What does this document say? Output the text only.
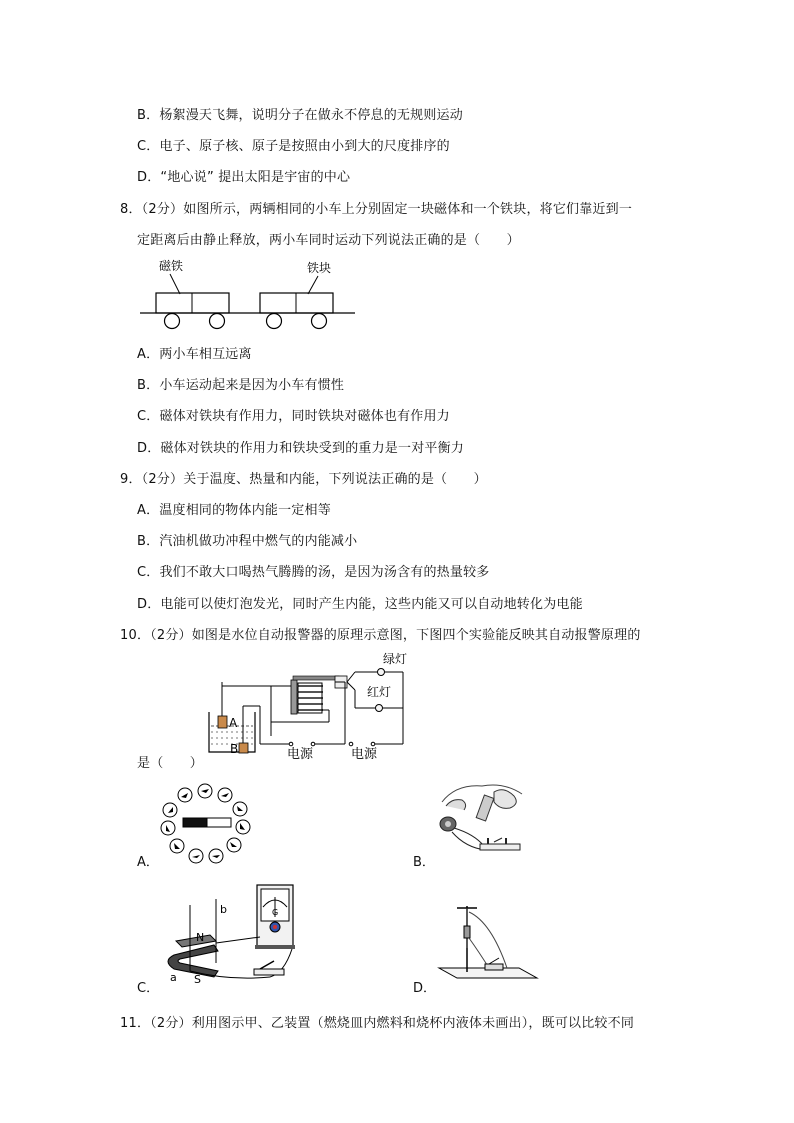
B．杨絮漫天飞舞，说明分子在做永不停息的无规则运动
C．电子、原子核、原子是按照由小到大的尺度排序的
D．“地心说” 提出太阳是宇宙的中心
8．（2分）如图所示，两辆相同的小车上分别固定一块磁体和一个铁块，将它们靠近到一
定距离后由静止释放，两小车同时运动下列说法正确的是（　　）
磁铁	铁块
A．两小车相互远离
B．小车运动起来是因为小车有惯性
C．磁体对铁块有作用力，同时铁块对磁体也有作用力
D．磁体对铁块的作用力和铁块受到的重力是一对平衡力
9．（2分）关于温度、热量和内能，下列说法正确的是（　　）
A．温度相同的物体内能一定相等
B．汽油机做功冲程中燃气的内能减小
C．我们不敢大口喝热气腾腾的汤，是因为汤含有的热量较多
D．电能可以使灯泡发光，同时产生内能，这些内能又可以自动地转化为电能
10．（2分）如图是水位自动报警器的原理示意图，下图四个实验能反映其自动报警原理的
A
B
绿灯
红灯
电源	电源
是（　　）
A．	B．
G
N
S
b
a
C．	D．
11．（2分）利用图示甲、乙装置（燃烧皿内燃料和烧杯内液体未画出），既可以比较不同
